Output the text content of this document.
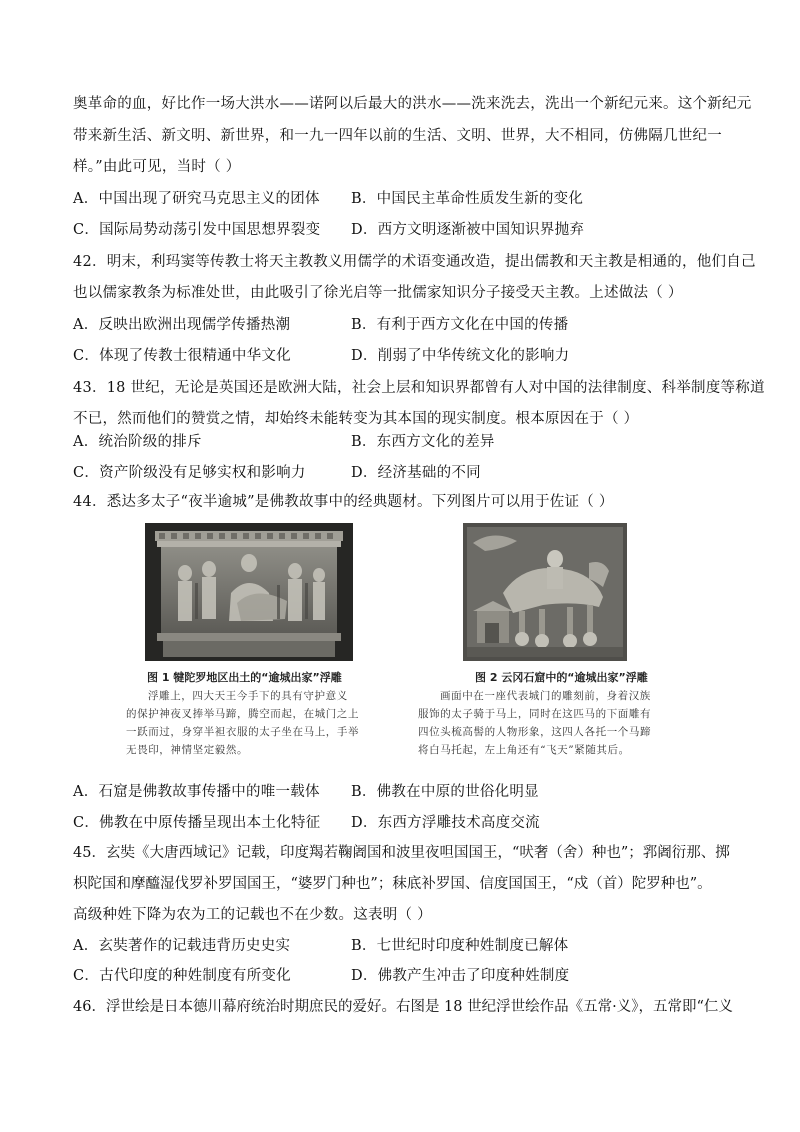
奥革命的血，好比作一场大洪水——诺阿以后最大的洪水——洗来洗去，洗出一个新纪元来。这个新纪元
带来新生活、新文明、新世界，和一九一四年以前的生活、文明、世界，大不相同，仿佛隔几世纪一
样。”由此可见，当时（ ）
A．中国出现了研究马克思主义的团体 B．中国民主革命性质发生新的变化
C．国际局势动荡引发中国思想界裂变 D．西方文明逐渐被中国知识界抛弃
42．明末，利玛窦等传教士将天主教教义用儒学的术语变通改造，提出儒教和天主教是相通的，他们自己
也以儒家教条为标准处世，由此吸引了徐光启等一批儒家知识分子接受天主教。上述做法（ ）
A．反映出欧洲出现儒学传播热潮	B．有利于西方文化在中国的传播
C．体现了传教士很精通中华文化	D．削弱了中华传统文化的影响力
43．18 世纪，无论是英国还是欧洲大陆，社会上层和知识界都曾有人对中国的法律制度、科举制度等称道
不已，然而他们的赞赏之情，却始终未能转变为其本国的现实制度。根本原因在于（ ）
A．统治阶级的排斥	B．东西方文化的差异
C．资产阶级没有足够实权和影响力	D．经济基础的不同
44．悉达多太子“夜半逾城”是佛教故事中的经典题材。下列图片可以用于佐证（ ）
图 1 犍陀罗地区出土的“逾城出家”浮雕
浮雕上，四大天王今手下的具有守护意义
的保护神夜叉捧举马蹄，腾空而起，在城门之上
一跃而过，身穿半袒衣服的太子坐在马上，手举
无畏印，神情坚定毅然。
图 2 云冈石窟中的“逾城出家”浮雕
画面中在一座代表城门的雕刻前，身着汉族
服饰的太子骑于马上，同时在这匹马的下面雕有
四位头梳高髻的人物形象，这四人各托一个马蹄
将白马托起，左上角还有“飞天”紧随其后。
A．石窟是佛教故事传播中的唯一载体 B．佛教在中原的世俗化明显
C．佛教在中原传播呈现出本土化特征 D．东西方浮雕技术高度交流
45．玄奘《大唐西域记》记载，印度羯若鞠阇国和波里夜呾国国王，“吠奢（舍）种也”；郛阇衍那、掷
枳陀国和摩醯湿伐罗补罗国国王，“婆罗门种也”；秣底补罗国、信度国国王，“戍（首）陀罗种也”。
高级种姓下降为农为工的记载也不在少数。这表明（ ）
A．玄奘著作的记载违背历史史实	B．七世纪时印度种姓制度已解体
C．古代印度的种姓制度有所变化	D．佛教产生冲击了印度种姓制度
46．浮世绘是日本德川幕府统治时期庶民的爱好。右图是 18 世纪浮世绘作品《五常·义》，五常即“仁义
